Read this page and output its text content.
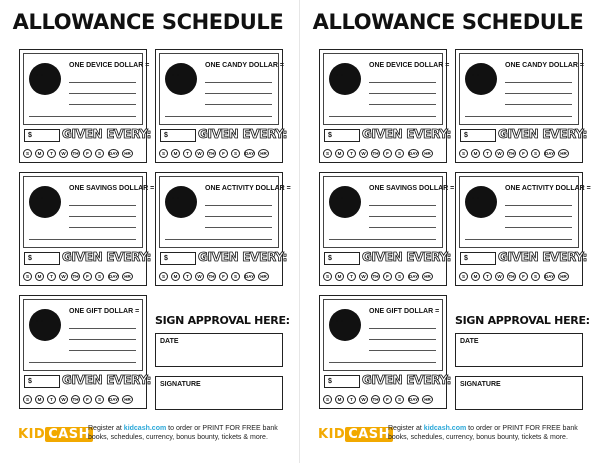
ALLOWANCE SCHEDULE
…	ONE DEVICE DOLLAR =
$	GIVEN EVERY:
S	M	T	W	TH	F	S	DAY	HR
…	ONE CANDY DOLLAR =
$	GIVEN EVERY:
S	M	T	W	TH	F	S	DAY	HR
…	ONE SAVINGS DOLLAR =
$	GIVEN EVERY:
S	M	T	W	TH	F	S	DAY	HR
…	ONE ACTIVITY DOLLAR =
$	GIVEN EVERY:
S	M	T	W	TH	F	S	DAY	HR
…	ONE GIFT DOLLAR =
$	GIVEN EVERY:
S	M	T	W	TH	F	S	DAY	HR
SIGN APPROVAL HERE:
DATE
SIGNATURE
KID CASH
Register at kidcash.com to order or PRINT FOR FREE bank books, schedules, currency, bonus bounty, tickets & more.
ALLOWANCE SCHEDULE
…	ONE DEVICE DOLLAR =
$	GIVEN EVERY:
S	M	T	W	TH	F	S	DAY	HR
…	ONE CANDY DOLLAR =
$	GIVEN EVERY:
S	M	T	W	TH	F	S	DAY	HR
…	ONE SAVINGS DOLLAR =
$	GIVEN EVERY:
S	M	T	W	TH	F	S	DAY	HR
…	ONE ACTIVITY DOLLAR =
$	GIVEN EVERY:
S	M	T	W	TH	F	S	DAY	HR
…	ONE GIFT DOLLAR =
$	GIVEN EVERY:
S	M	T	W	TH	F	S	DAY	HR
SIGN APPROVAL HERE:
DATE
SIGNATURE
KID CASH
Register at kidcash.com to order or PRINT FOR FREE bank books, schedules, currency, bonus bounty, tickets & more.
